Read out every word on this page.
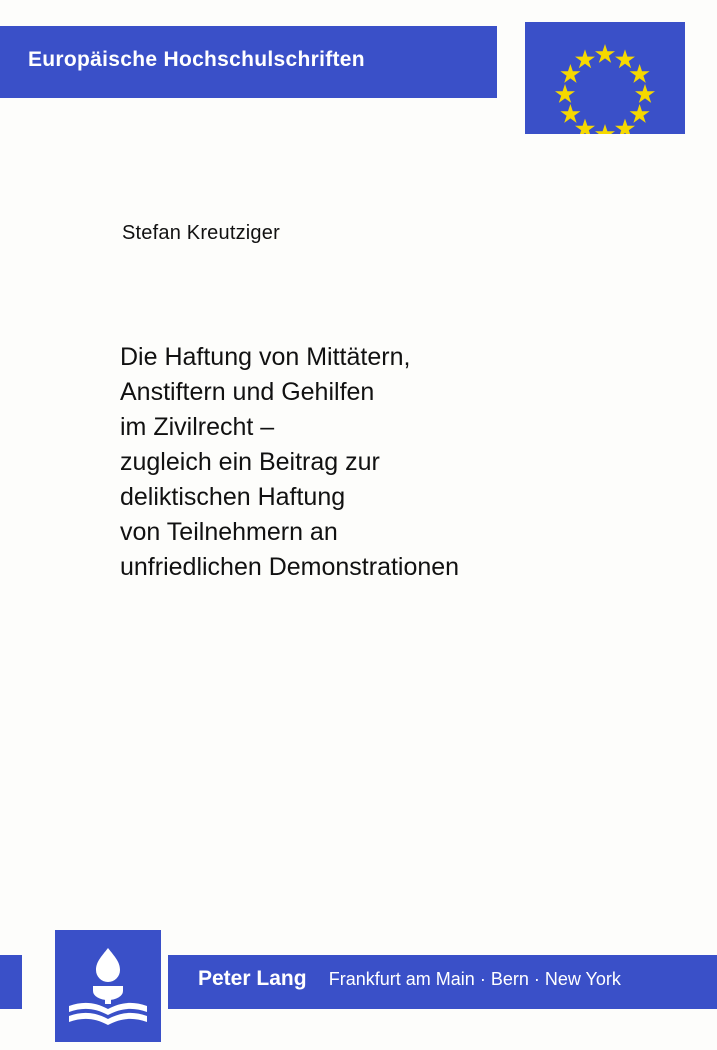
Europäische Hochschulschriften
Stefan Kreutziger
Die Haftung von Mittätern,
Anstiftern und Gehilfen
im Zivilrecht –
zugleich ein Beitrag zur
deliktischen Haftung
von Teilnehmern an
unfriedlichen Demonstrationen
Peter Lang Frankfurt am Main · Bern · New York
